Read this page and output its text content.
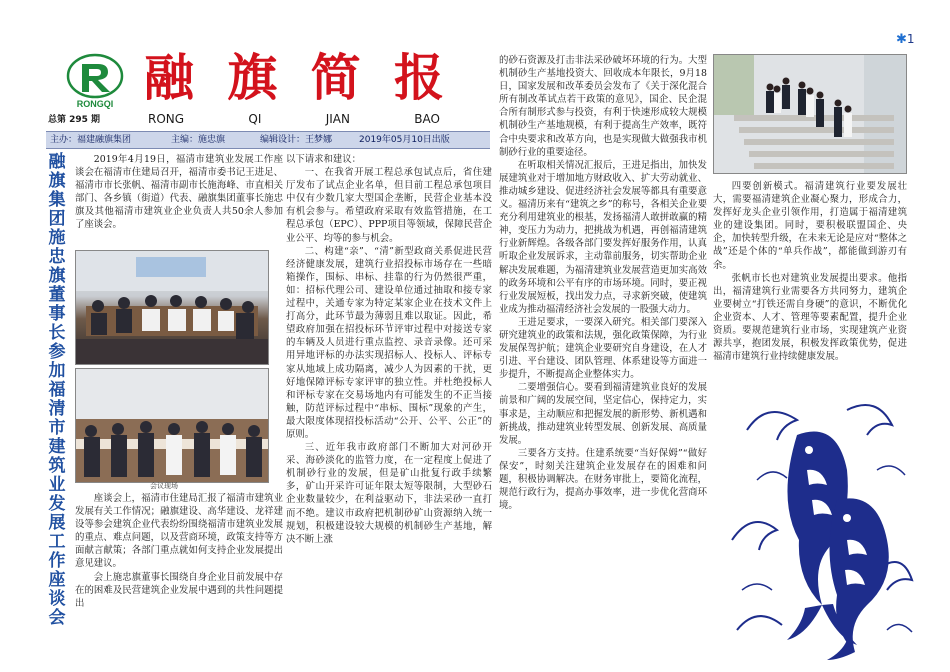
✱1
RONGQI
总第 295 期
融 旗 简 报
RONG	QI	JIAN	BAO
主办：福建融旗集团	主编：施忠旗	编辑设计：王梦娜	2019年05月10日出版
融旗集团施忠旗董事长参加福清市建筑业发展工作座谈会

2019年4月19日，福清市建筑业发展工作座谈会在福清市住建局召开，福清市委书记王进足、福清市市长张帆、福清市副市长施海峰、市直相关部门、各乡镇（街道）代表、融旗集团董事长施忠旗及其他福清市建筑业企业负责人共50余人参加了座谈会。

会议现场

座谈会上，福清市住建局汇报了福清市建筑业发展有关工作情况；融旗建设、高华建设、龙祥建设等参会建筑企业代表纷纷围绕福清市建筑业发展的重点、难点问题，以及营商环境，政策支持等方面献言献策；各部门重点就如何支持企业发展提出意见建议。

会上施忠旗董事长围绕自身企业目前发展中存在的困难及民营建筑企业发展中遇到的共性问题提出

以下请求和建议：

一、在我省开展工程总承包试点后，省住建厅发布了试点企业名单，但目前工程总承包项目中仅有少数几家大型国企垄断，民营企业基本没有机会参与。希望政府采取有效监管措施，在工程总承包（EPC）、PPP项目等领域，保障民营企业公平、均等的参与机会。

二、构建“亲”、“清”新型政商关系促进民营经济健康发展，建筑行业招投标市场存在一些暗箱操作，围标、串标、挂靠的行为仍然很严重，如：招标代理公司、建设单位通过抽取和接专家过程中，关通专家为特定某家企业在技术文件上打高分，此环节最为薄弱且难以取证。因此，希望政府加强在招投标环节评审过程中对接送专家的车辆及人员进行重点监控、录音录像。还可采用异地评标的办法实现招标人、投标人、评标专家从地域上成功隔离，减少人为因素的干扰，更好地保障评标专家评审的独立性。并杜绝投标人和评标专家在交易场地内有可能发生的不正当接触，防范评标过程中“串标、围标”现象的产生，最大限度体现招投标活动“公开、公平、公正”的原则。

三、近年我市政府部门不断加大对河砂开采、海砂淡化的监管力度，在一定程度上促进了机制砂行业的发展，但是矿山批复行政手续繁多，矿山开采许可证年限太短等限制，大型砂石企业数量较少，在利益驱动下，非法采砂一直打而不绝。建议市政府把机制砂矿山资源纳入统一规划，积极建设较大规模的机制砂生产基地，解决不断上涨

的砂石资源及打击非法采砂破坏环境的行为。大型机制砂生产基地投资大、回收成本年限长，9月18日，国家发展和改革委员会发布了《关于深化混合所有制改革试点若干政策的意见》，国企、民企混合所有制形式参与投资，有利于快速形成较大规模机制砂生产基地规模，有利于提高生产效率，既符合中央要求和改革方向，也是实现做大做强我市机制砂行业的重要途径。

在听取相关情况汇报后，王进足指出，加快发展建筑业对于增加地方财政收入、扩大劳动就业、推动城乡建设、促进经济社会发展等都具有重要意义。福清历来有“建筑之乡”的称号，各相关企业要充分利用建筑业的根基，发扬福清人敢拼敢赢的精神，变压力为动力，把挑战为机遇，再创福清建筑行业新辉煌。各级各部门要发挥好服务作用，认真听取企业发展诉求，主动靠前服务，切实帮助企业解决发展难题，为福清建筑业发展营造更加实高效的政务环境和公平有序的市场环境。同时，要正视行业发展短板，找出发力点，寻求新突破，使建筑业成为推动福清经济社会发展的一股强大动力。

王进足要求，一要深入研究。相关部门要深入研究建筑业的政策和法规，强化政策保障，为行业发展保驾护航；建筑企业要研究自身建设，在人才引进、平台建设、团队管理、体系建设等方面进一步提升，不断提高企业整体实力。

二要增强信心。要看到福清建筑业良好的发展前景和广阔的发展空间，坚定信心，保持定力，实事求是，主动顺应和把握发展的新形势、新机遇和新挑战，推动建筑业转型发展、创新发展、高质量发展。

三要各方支持。住建系统要“当好保姆”“做好保安”，时刻关注建筑企业发展存在的困难和问题，积极协调解决。在财务审批上，要简化流程，规范行政行为，提高办事效率，进一步优化营商环境。

四要创新模式。福清建筑行业要发展壮大，需要福清建筑企业凝心聚力，形成合力，发挥好龙头企业引领作用，打造属于福清建筑业的建设集团。同时，要积极联盟国企、央企，加快转型升级，在未来无论是应对“整体之战”还是个体的“单兵作战”，都能做到游刃有余。

张帆市长也对建筑业发展提出要求。他指出，福清建筑行业需要各方共同努力，建筑企业要树立“打铁还需自身硬”的意识，不断优化企业资本、人才、管理等要素配置，提升企业资质。要规范建筑行业市场，实现建筑产业资源共享，抱团发展，积极发挥政策优势，促进福清市建筑行业持续健康发展。
